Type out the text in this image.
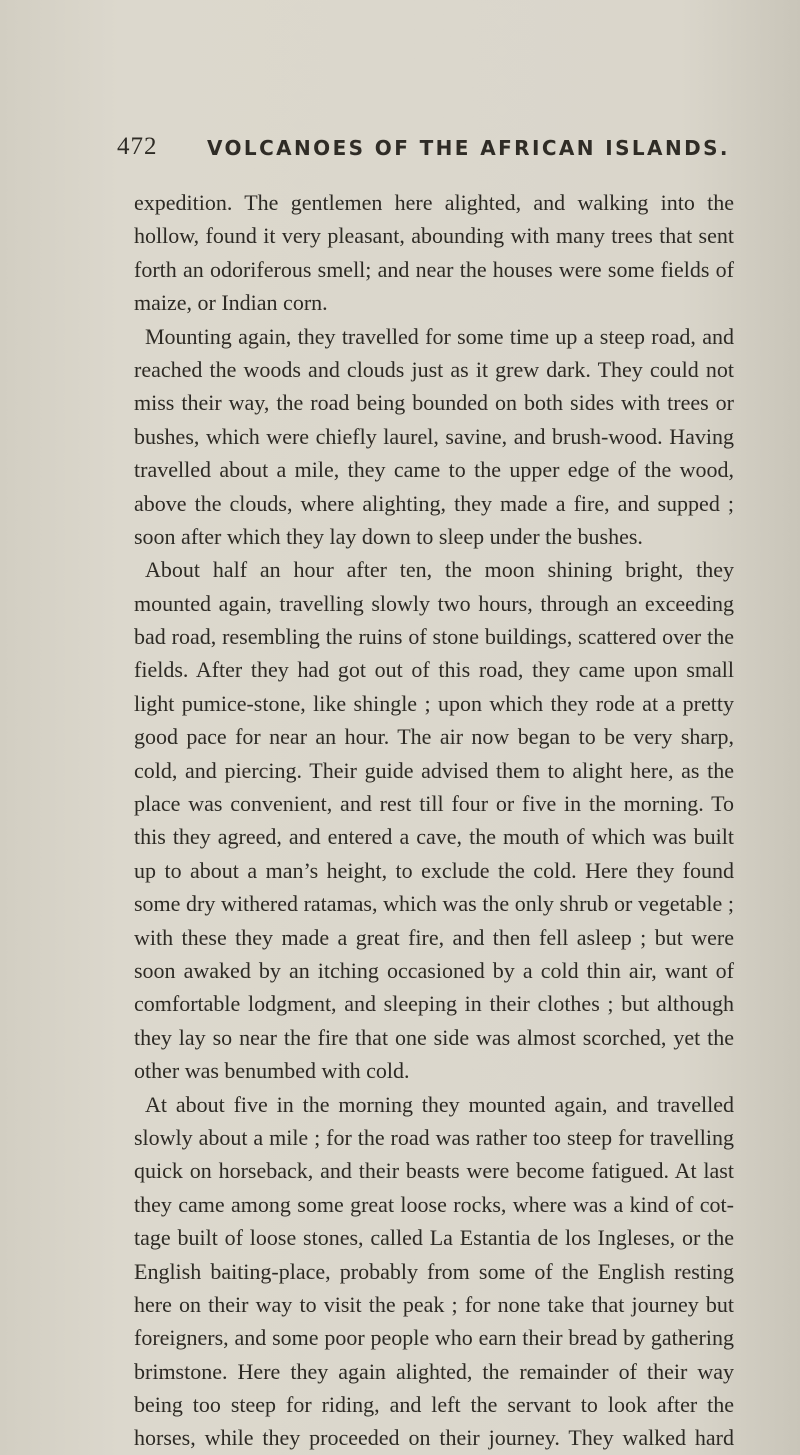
472 VOLCANOES OF THE AFRICAN ISLANDS.
expedition. The gentlemen here alighted, and walking into the
hollow, found it very pleasant, abounding with many trees that sent
forth an odoriferous smell; and near the houses were some fields of
maize, or Indian corn.
Mounting again, they travelled for some time up a steep road, and
reached the woods and clouds just as it grew dark. They could not
miss their way, the road being bounded on both sides with trees or
bushes, which were chiefly laurel, savine, and brush-wood. Having
travelled about a mile, they came to the upper edge of the wood,
above the clouds, where alighting, they made a fire, and supped ;
soon after which they lay down to sleep under the bushes.
About half an hour after ten, the moon shining bright, they
mounted again, travelling slowly two hours, through an exceeding
bad road, resembling the ruins of stone buildings, scattered over the
fields. After they had got out of this road, they came upon small
light pumice-stone, like shingle ; upon which they rode at a pretty
good pace for near an hour. The air now began to be very sharp,
cold, and piercing. Their guide advised them to alight here, as the
place was convenient, and rest till four or five in the morning. To
this they agreed, and entered a cave, the mouth of which was built
up to about a man’s height, to exclude the cold. Here they found
some dry withered ratamas, which was the only shrub or vegetable ;
with these they made a great fire, and then fell asleep ; but were
soon awaked by an itching occasioned by a cold thin air, want of
comfortable lodgment, and sleeping in their clothes ; but although
they lay so near the fire that one side was almost scorched, yet the
other was benumbed with cold.
At about five in the morning they mounted again, and travelled
slowly about a mile ; for the road was rather too steep for travelling
quick on horseback, and their beasts were become fatigued. At last
they came among some great loose rocks, where was a kind of cot-
tage built of loose stones, called La Estantia de los Ingleses, or the
English baiting-place, probably from some of the English resting
here on their way to visit the peak ; for none take that journey but
foreigners, and some poor people who earn their bread by gathering
brimstone. Here they again alighted, the remainder of their way
being too steep for riding, and left the servant to look after the
horses, while they proceeded on their journey. They walked hard
